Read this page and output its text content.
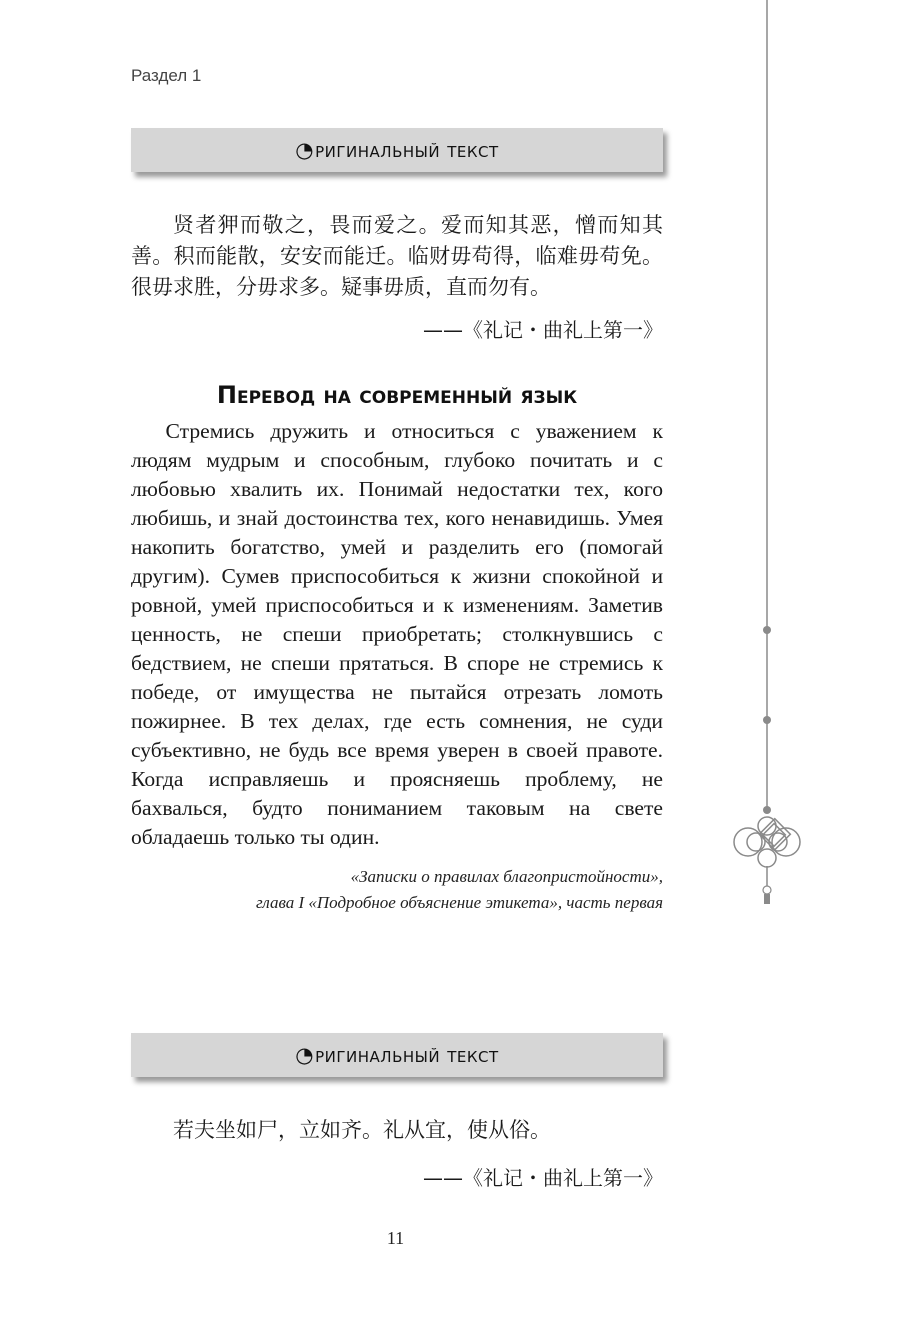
Раздел 1
◔ ригинальный текст
贤者狎而敬之，畏而爱之。爱而知其恶，憎而知其善。积而能散，安安而能迁。临财毋苟得，临难毋苟免。很毋求胜，分毋求多。疑事毋质，直而勿有。
——《礼记・曲礼上第一》
Перевод на современный язык
Стремись дружить и относиться с уважением к людям мудрым и способным, глубоко почитать и с любовью хвалить их. Понимай недостатки тех, кого любишь, и знай достоинства тех, кого ненавидишь. Умея накопить богатство, умей и разделить его (помогай другим). Сумев приспособиться к жизни спокойной и ровной, умей приспособиться и к изменениям. Заметив ценность, не спеши приобретать; столкнувшись с бедствием, не спеши прятаться. В споре не стремись к победе, от имущества не пытайся отрезать ломоть пожирнее. В тех делах, где есть сомнения, не суди субъективно, не будь все время уверен в своей правоте. Когда исправляешь и проясняешь проблему, не бахвалься, будто пониманием таковым на свете обладаешь только ты один.
«Записки о правилах благопристойности»,
глава I «Подробное объяснение этикета», часть первая
◔ ригинальный текст
若夫坐如尸，立如齐。礼从宜，使从俗。
——《礼记・曲礼上第一》
11
